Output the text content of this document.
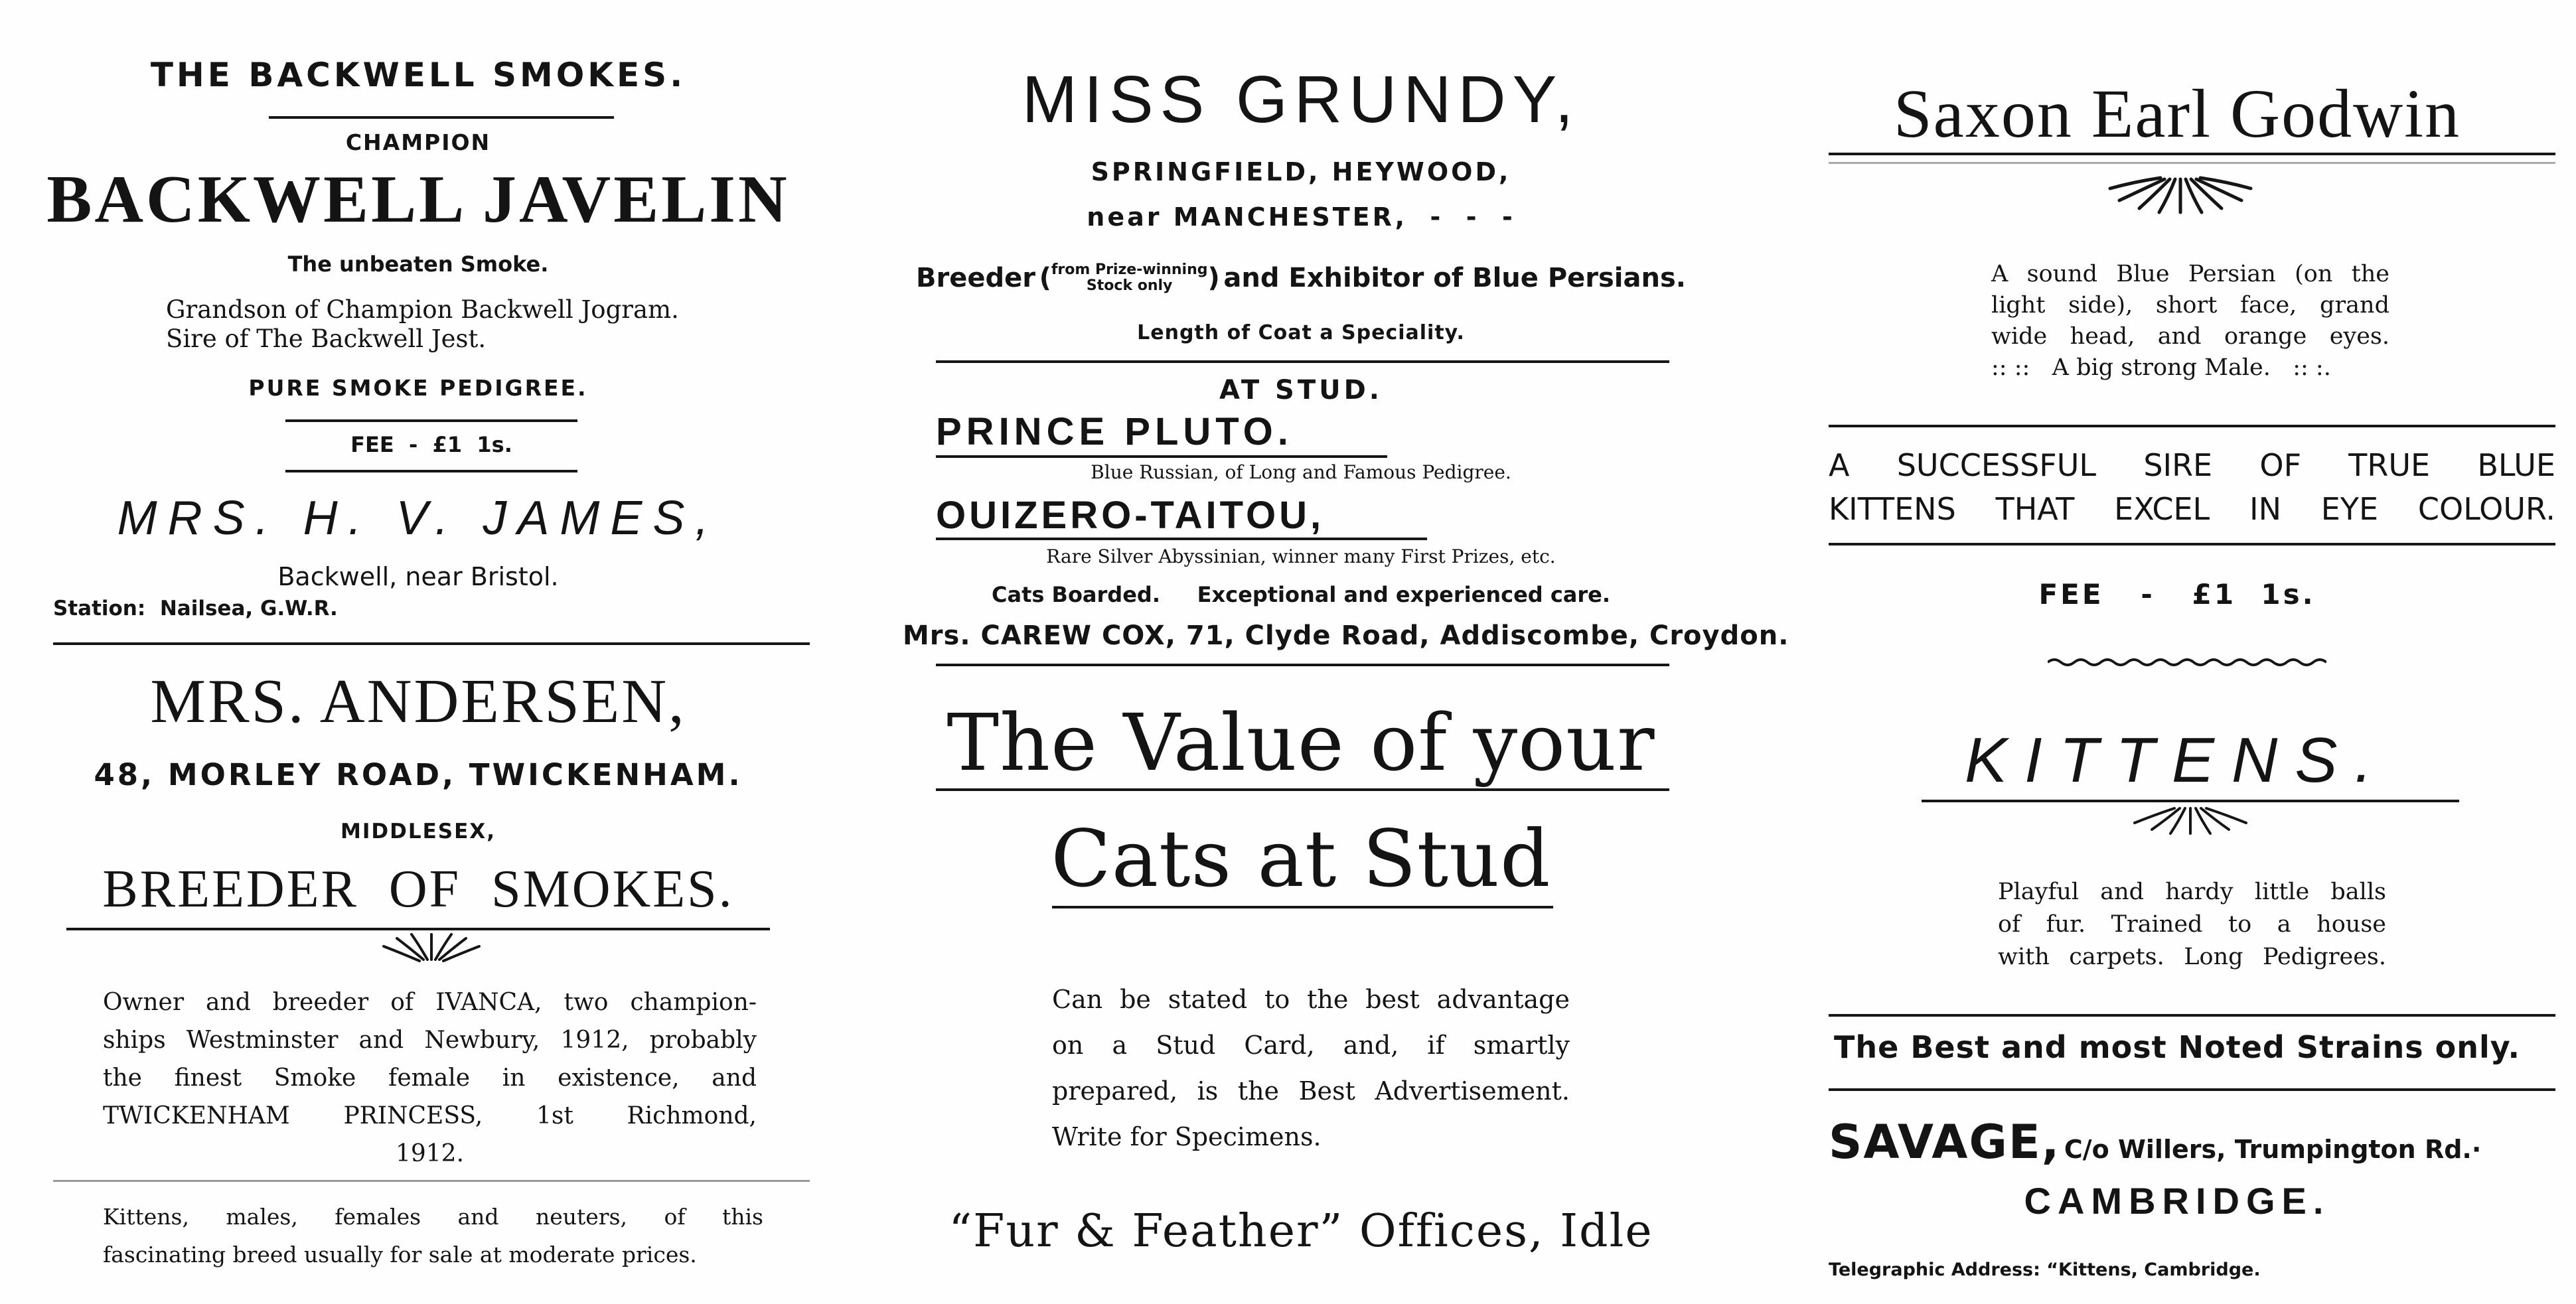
THE BACKWELL SMOKES.
CHAMPION
BACKWELL JAVELIN
The unbeaten Smoke.
Grandson of Champion Backwell Jogram.
Sire of The Backwell Jest.
PURE SMOKE PEDIGREE.
FEE  -  £1  1s.
MRS. H. V. JAMES,
Backwell, near Bristol.
Station:  Nailsea, G.W.R.
MRS. ANDERSEN,
48, MORLEY ROAD, TWICKENHAM.
MIDDLESEX,
BREEDER  OF  SMOKES.
Owner and breeder of IVANCA, two champion-
ships Westminster and Newbury, 1912, probably
the finest Smoke female in existence, and
TWICKENHAM PRINCESS, 1st Richmond,
1912.
Kittens, males, females and neuters, of this
fascinating breed usually for sale at moderate prices.
MISS GRUNDY,
SPRINGFIELD, HEYWOOD,
near MANCHESTER,  -  -  -
Breeder (from Prize-winning
Stock only ) and Exhibitor of Blue Persians.
Length of Coat a Speciality.
AT STUD.
PRINCE PLUTO.
Blue Russian, of Long and Famous Pedigree.
OUIZERO-TAITOU,
Rare Silver Abyssinian, winner many First Prizes, etc.
Cats Boarded.     Exceptional and experienced care.
Mrs. CAREW COX, 71, Clyde Road, Addiscombe, Croydon.
The Value of your
Cats at Stud
Can be stated to the best advantage
on a Stud Card, and, if smartly
prepared, is the Best Advertisement.
Write for Specimens.
“Fur & Feather” Offices, Idle
Saxon Earl Godwin
A sound Blue Persian (on the
light side), short face, grand
wide head, and orange eyes.
:: ::   A big strong Male.   :: :.
A SUCCESSFUL SIRE OF TRUE BLUE
KITTENS THAT EXCEL IN EYE COLOUR.
FEE   -   £1  1s.
KITTENS.
Playful and hardy little balls
of fur. Trained to a house
with carpets. Long Pedigrees.
The Best and most Noted Strains only.
SAVAGE, C/o Willers, Trumpington Rd.·
CAMBRIDGE.
Telegraphic Address: “Kittens, Cambridge.
